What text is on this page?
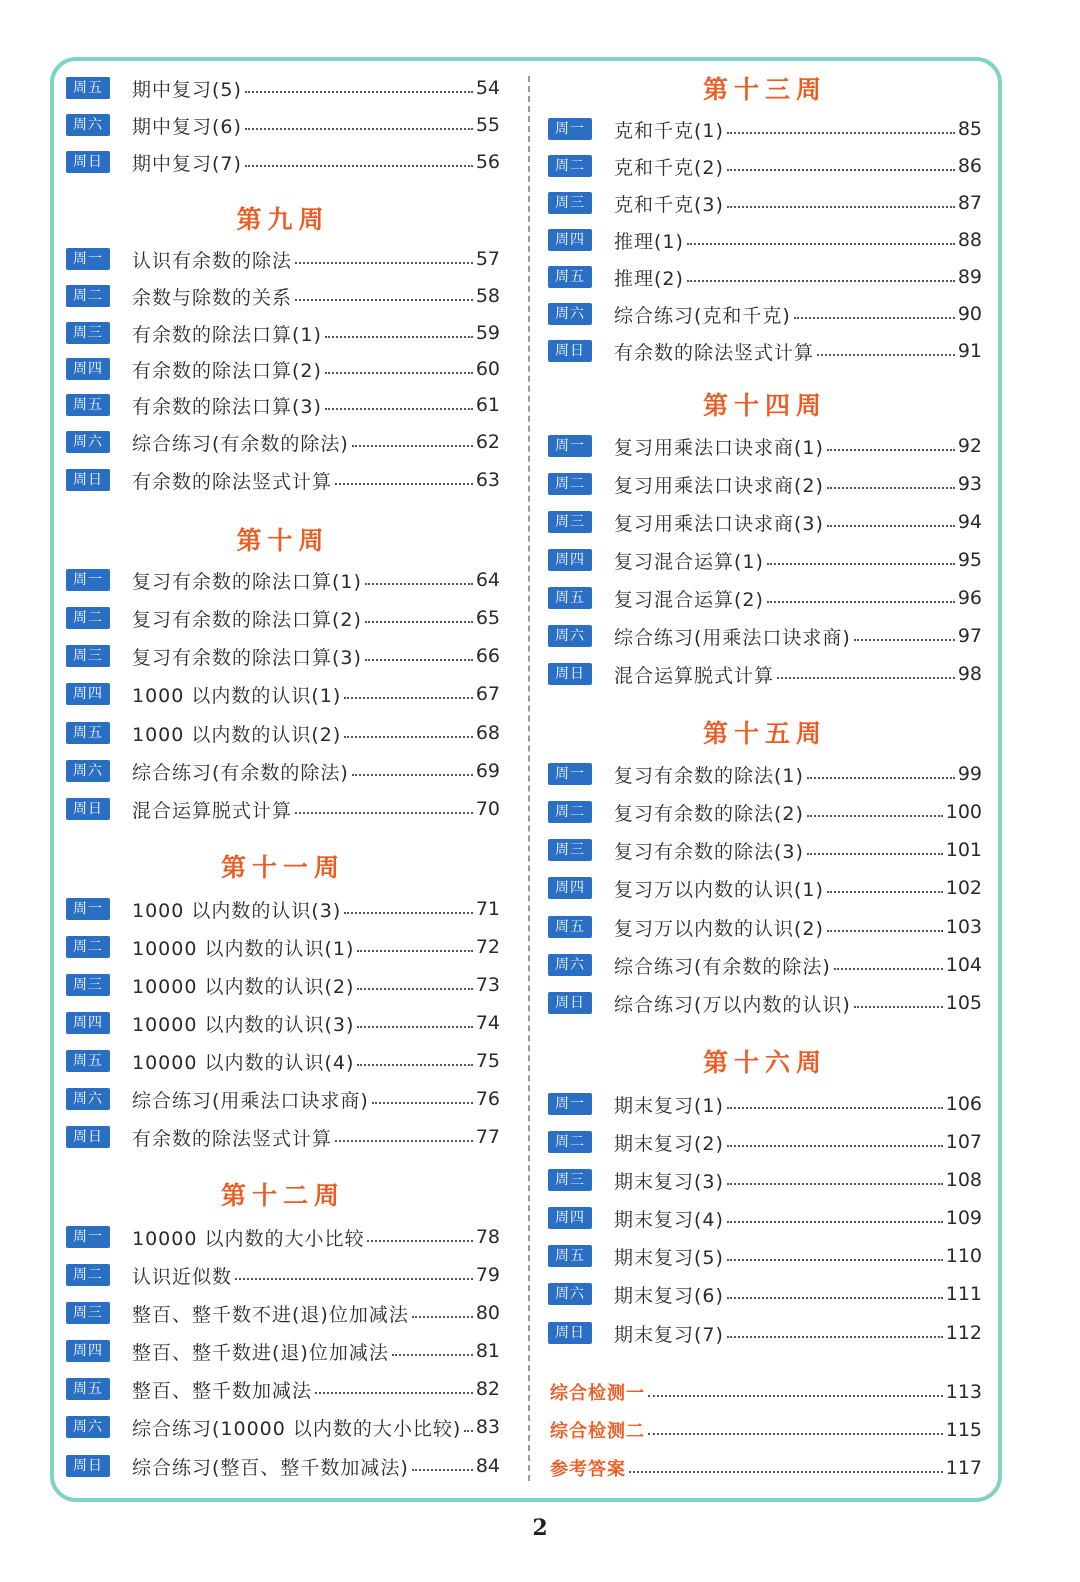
周五	期中复习(5)	54
周六	期中复习(6)	55
周日	期中复习(7)	56
第九周
周一	认识有余数的除法	57
周二	余数与除数的关系	58
周三	有余数的除法口算(1)	59
周四	有余数的除法口算(2)	60
周五	有余数的除法口算(3)	61
周六	综合练习(有余数的除法)	62
周日	有余数的除法竖式计算	63
第十周
周一	复习有余数的除法口算(1)	64
周二	复习有余数的除法口算(2)	65
周三	复习有余数的除法口算(3)	66
周四	1000 以内数的认识(1)	67
周五	1000 以内数的认识(2)	68
周六	综合练习(有余数的除法)	69
周日	混合运算脱式计算	70
第十一周
周一	1000 以内数的认识(3)	71
周二	10000 以内数的认识(1)	72
周三	10000 以内数的认识(2)	73
周四	10000 以内数的认识(3)	74
周五	10000 以内数的认识(4)	75
周六	综合练习(用乘法口诀求商)	76
周日	有余数的除法竖式计算	77
第十二周
周一	10000 以内数的大小比较	78
周二	认识近似数	79
周三	整百、整千数不进(退)位加减法	80
周四	整百、整千数进(退)位加减法	81
周五	整百、整千数加减法	82
周六	综合练习(10000 以内数的大小比较) 83
周日	综合练习(整百、整千数加减法)	84
第十三周
周一	克和千克(1)	85
周二	克和千克(2)	86
周三	克和千克(3)	87
周四	推理(1)	88
周五	推理(2)	89
周六	综合练习(克和千克)	90
周日	有余数的除法竖式计算	91
第十四周
周一	复习用乘法口诀求商(1)	92
周二	复习用乘法口诀求商(2)	93
周三	复习用乘法口诀求商(3)	94
周四	复习混合运算(1)	95
周五	复习混合运算(2)	96
周六	综合练习(用乘法口诀求商)	97
周日	混合运算脱式计算	98
第十五周
周一	复习有余数的除法(1)	99
周二	复习有余数的除法(2)	100
周三	复习有余数的除法(3)	101
周四	复习万以内数的认识(1)	102
周五	复习万以内数的认识(2)	103
周六	综合练习(有余数的除法)	104
周日	综合练习(万以内数的认识)	105
第十六周
周一	期末复习(1)	106
周二	期末复习(2)	107
周三	期末复习(3)	108
周四	期末复习(4)	109
周五	期末复习(5)	110
周六	期末复习(6)	111
周日	期末复习(7)	112
综合检测一	113
综合检测二	115
参考答案	117
2
